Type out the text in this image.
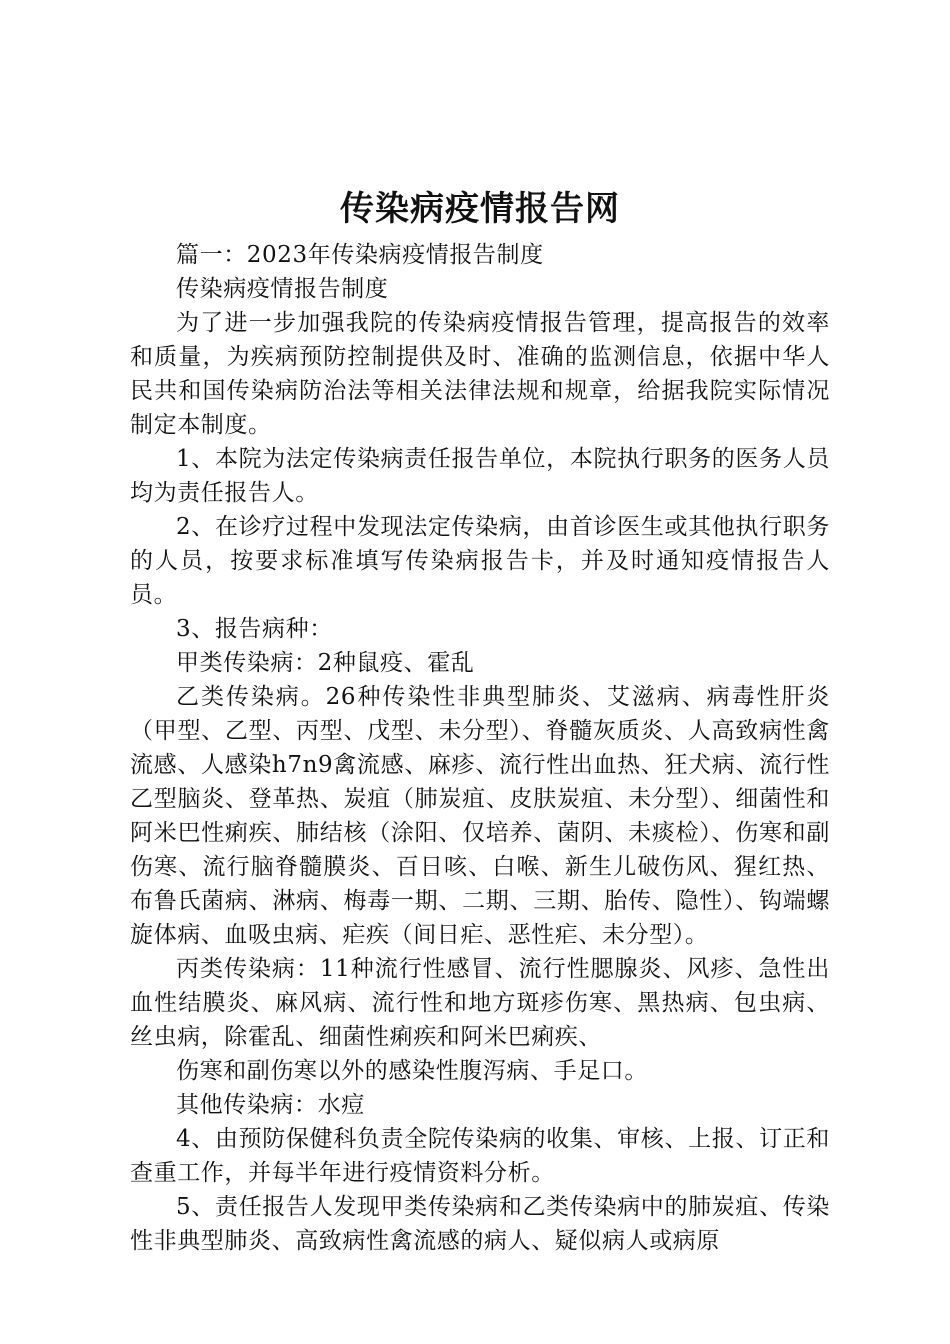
传染病疫情报告网

篇一：2023年传染病疫情报告制度

传染病疫情报告制度

为了进一步加强我院的传染病疫情报告管理，提高报告的效率和质量，为疾病预防控制提供及时、准确的监测信息，依据中华人民共和国传染病防治法等相关法律法规和规章，给据我院实际情况制定本制度。

1、本院为法定传染病责任报告单位，本院执行职务的医务人员均为责任报告人。

2、在诊疗过程中发现法定传染病，由首诊医生或其他执行职务的人员，按要求标准填写传染病报告卡，并及时通知疫情报告人员。

3、报告病种：

甲类传染病：2种鼠疫、霍乱

乙类传染病。26种传染性非典型肺炎、艾滋病、病毒性肝炎（甲型、乙型、丙型、戊型、未分型）、脊髓灰质炎、人高致病性禽流感、人感染h7n9禽流感、麻疹、流行性出血热、狂犬病、流行性乙型脑炎、登革热、炭疽（肺炭疽、皮肤炭疽、未分型）、细菌性和阿米巴性痢疾、肺结核（涂阳、仅培养、菌阴、未痰检）、伤寒和副伤寒、流行脑脊髓膜炎、百日咳、白喉、新生儿破伤风、猩红热、布鲁氏菌病、淋病、梅毒一期、二期、三期、胎传、隐性）、钩端螺旋体病、血吸虫病、疟疾（间日疟、恶性疟、未分型）。

丙类传染病：11种流行性感冒、流行性腮腺炎、风疹、急性出血性结膜炎、麻风病、流行性和地方斑疹伤寒、黑热病、包虫病、丝虫病，除霍乱、细菌性痢疾和阿米巴痢疾、

伤寒和副伤寒以外的感染性腹泻病、手足口。

其他传染病：水痘

4、由预防保健科负责全院传染病的收集、审核、上报、订正和查重工作，并每半年进行疫情资料分析。

5、责任报告人发现甲类传染病和乙类传染病中的肺炭疽、传染性非典型肺炎、高致病性禽流感的病人、疑似病人或病原
